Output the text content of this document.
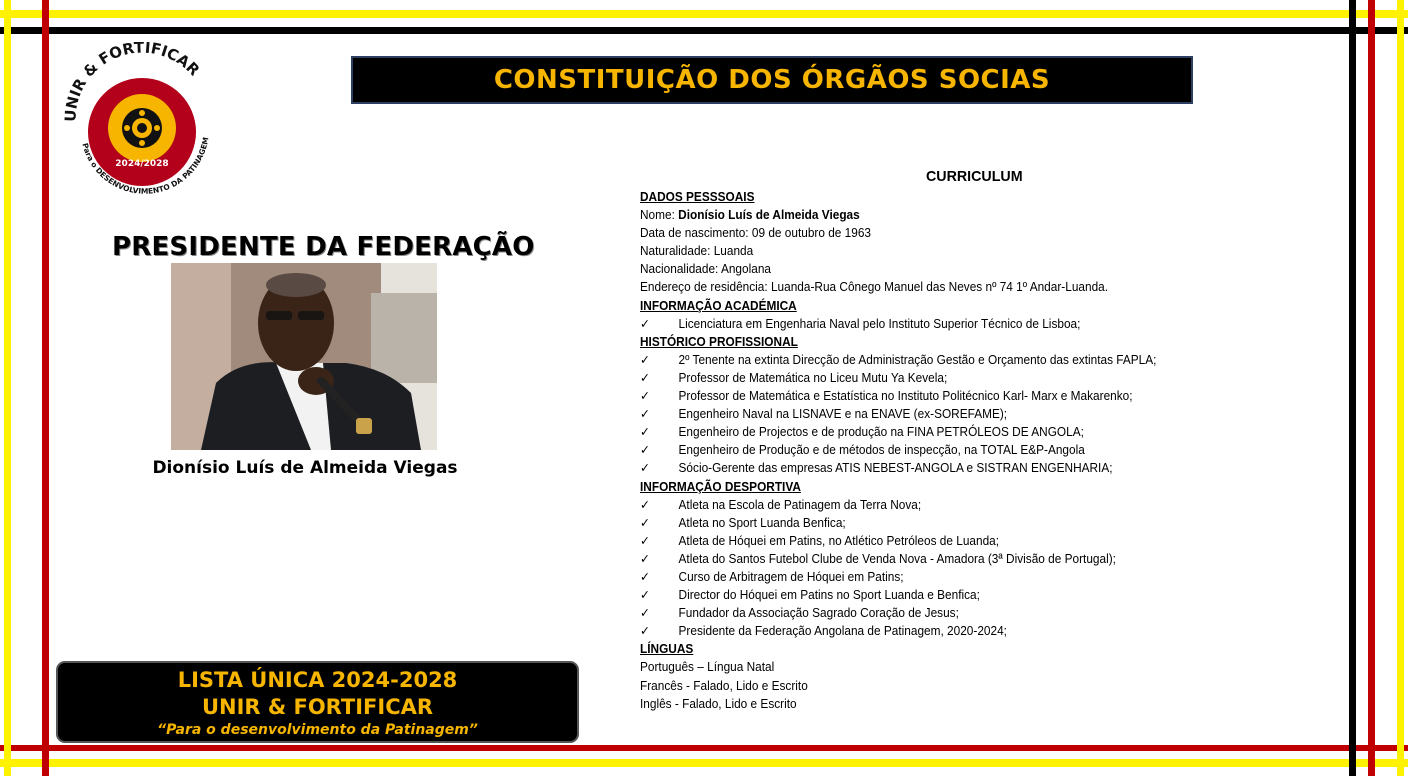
2024/2028
UNIR & FORTIFICAR
Para o DESENVOLVIMENTO DA PATINAGEM
CONSTITUIÇÃO DOS ÓRGÃOS SOCIAS
PRESIDENTE DA FEDERAÇÃO
Dionísio Luís de Almeida Viegas
LISTA ÚNICA 2024-2028
UNIR & FORTIFICAR
“Para o desenvolvimento da Patinagem”
CURRICULUM
DADOS PESSSOAIS
Nome: Dionísio Luís de Almeida Viegas
Data de nascimento: 09 de outubro de 1963
Naturalidade: Luanda
Nacionalidade: Angolana
Endereço de residência: Luanda-Rua Cônego Manuel das Neves nº 74 1º Andar-Luanda.
INFORMAÇÃO ACADÉMICA
✓ Licenciatura em Engenharia Naval pelo Instituto Superior Técnico de Lisboa;
HISTÓRICO PROFISSIONAL
✓ 2º Tenente na extinta Direcção de Administração Gestão e Orçamento das extintas FAPLA;
✓ Professor de Matemática no Liceu Mutu Ya Kevela;
✓ Professor de Matemática e Estatística no Instituto Politécnico Karl- Marx e Makarenko;
✓ Engenheiro Naval na LISNAVE e na ENAVE (ex-SOREFAME);
✓ Engenheiro de Projectos e de produção na FINA PETRÓLEOS DE ANGOLA;
✓ Engenheiro de Produção e de métodos de inspecção, na TOTAL E&P-Angola
✓ Sócio-Gerente das empresas ATIS NEBEST-ANGOLA e SISTRAN ENGENHARIA;
INFORMAÇÃO DESPORTIVA
✓ Atleta na Escola de Patinagem da Terra Nova;
✓ Atleta no Sport Luanda Benfica;
✓ Atleta de Hóquei em Patins, no Atlético Petróleos de Luanda;
✓ Atleta do Santos Futebol Clube de Venda Nova - Amadora (3ª Divisão de Portugal);
✓ Curso de Arbitragem de Hóquei em Patins;
✓ Director do Hóquei em Patins no Sport Luanda e Benfica;
✓ Fundador da Associação Sagrado Coração de Jesus;
✓ Presidente da Federação Angolana de Patinagem, 2020-2024;
LÍNGUAS
Português – Língua Natal
Francês - Falado, Lido e Escrito
Inglês - Falado, Lido e Escrito
